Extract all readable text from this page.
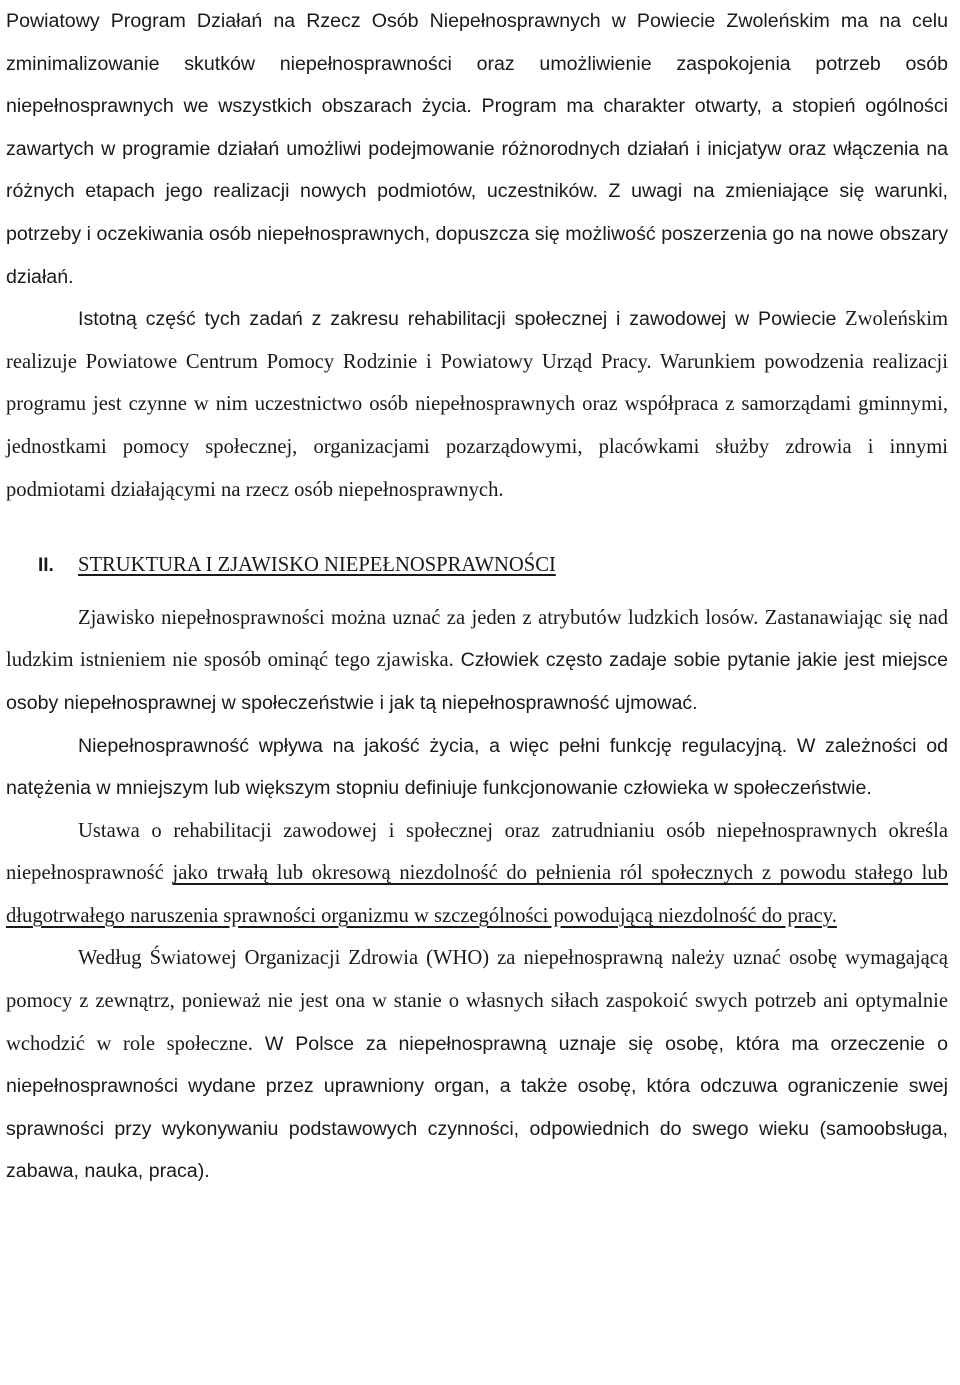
Powiatowy Program Działań na Rzecz Osób Niepełnosprawnych w Powiecie Zwoleńskim ma na celu zminimalizowanie skutków niepełnosprawności oraz umożliwienie zaspokojenia potrzeb osób niepełnosprawnych we wszystkich obszarach życia. Program ma charakter otwarty, a stopień ogólności zawartych w programie działań umożliwi podejmowanie różnorodnych działań i inicjatyw oraz włączenia na różnych etapach jego realizacji nowych podmiotów, uczestników. Z uwagi na zmieniające się warunki, potrzeby i oczekiwania osób niepełnosprawnych, dopuszcza się możliwość poszerzenia go na nowe obszary działań.

Istotną część tych zadań z zakresu rehabilitacji społecznej i zawodowej w Powiecie Zwoleńskim realizuje Powiatowe Centrum Pomocy Rodzinie i Powiatowy Urząd Pracy. Warunkiem powodzenia realizacji programu jest czynne w nim uczestnictwo osób niepełnosprawnych oraz współpraca z samorządami gminnymi, jednostkami pomocy społecznej, organizacjami pozarządowymi, placówkami służby zdrowia i innymi podmiotami działającymi na rzecz osób niepełnosprawnych.

II.	STRUKTURA I ZJAWISKO NIEPEŁNOSPRAWNOŚCI

Zjawisko niepełnosprawności można uznać za jeden z atrybutów ludzkich losów. Zastanawiając się nad ludzkim istnieniem nie sposób ominąć tego zjawiska. Człowiek często zadaje sobie pytanie jakie jest miejsce osoby niepełnosprawnej w społeczeństwie i jak tą niepełnosprawność ujmować.

Niepełnosprawność wpływa na jakość życia, a więc pełni funkcję regulacyjną. W zależności od natężenia w mniejszym lub większym stopniu definiuje funkcjonowanie człowieka w społeczeństwie.

Ustawa o rehabilitacji zawodowej i społecznej oraz zatrudnianiu osób niepełnosprawnych określa niepełnosprawność jako trwałą lub okresową niezdolność do pełnienia ról społecznych z powodu stałego lub długotrwałego naruszenia sprawności organizmu w szczególności powodującą niezdolność do pracy.

Według Światowej Organizacji Zdrowia (WHO) za niepełnosprawną należy uznać osobę wymagającą pomocy z zewnątrz, ponieważ nie jest ona w stanie o własnych siłach zaspokoić swych potrzeb ani optymalnie wchodzić w role społeczne. W Polsce za niepełnosprawną uznaje się osobę, która ma orzeczenie o niepełnosprawności wydane przez uprawniony organ, a także osobę, która odczuwa ograniczenie swej sprawności przy wykonywaniu podstawowych czynności, odpowiednich do swego wieku (samoobsługa, zabawa, nauka, praca).
